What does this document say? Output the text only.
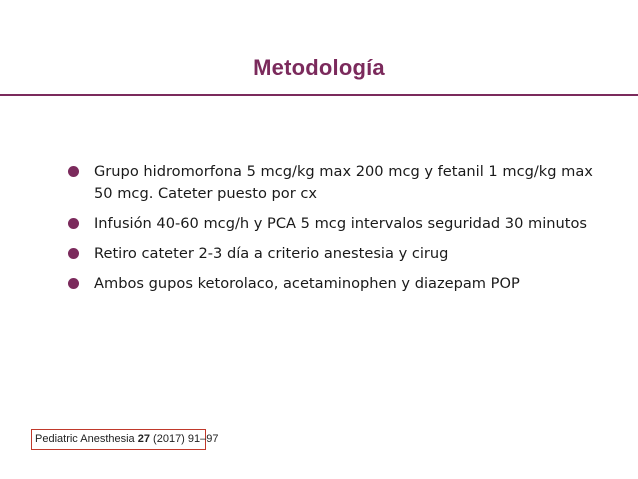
Metodología
Grupo hidromorfona 5 mcg/kg max 200 mcg y fetanil 1 mcg/kg max 50 mcg. Cateter puesto por cx
Infusión 40-60 mcg/h y PCA 5 mcg intervalos seguridad 30 minutos
Retiro cateter 2-3 día a criterio anestesia y cirug
Ambos gupos ketorolaco, acetaminophen y diazepam POP
Pediatric Anesthesia 27 (2017) 91–97
